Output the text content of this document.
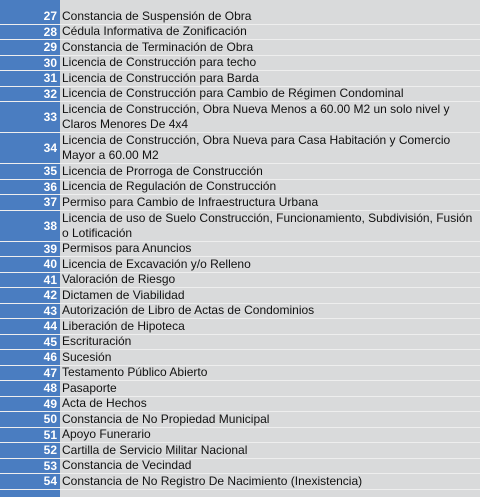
27 Constancia de Suspensión de Obra
28 Cédula Informativa de Zonificación
29 Constancia de Terminación de Obra
30 Licencia de Construcción para techo
31 Licencia de Construcción para Barda
32 Licencia de Construcción para Cambio de Régimen Condominal
33
Licencia de Construcción, Obra Nueva Menos a 60.00 M2 un solo nivel y Claros Menores De 4x4
34
Licencia de Construcción, Obra Nueva para Casa Habitación y Comercio Mayor a 60.00 M2
35 Licencia de Prorroga de Construcción
36 Licencia de Regulación de Construcción
37 Permiso para Cambio de Infraestructura Urbana
38
Licencia de uso de Suelo Construcción, Funcionamiento, Subdivisión, Fusión o Lotificación
39 Permisos para Anuncios
40 Licencia de Excavación y/o Relleno
41 Valoración de Riesgo
42 Dictamen de Viabilidad
43 Autorización de Libro de Actas de Condominios
44 Liberación de Hipoteca
45 Escrituración
46 Sucesión
47 Testamento Público Abierto
48 Pasaporte
49 Acta de Hechos
50 Constancia de No Propiedad Municipal
51 Apoyo Funerario
52 Cartilla de Servicio Militar Nacional
53 Constancia de Vecindad
54 Constancia de No Registro De Nacimiento (Inexistencia)
